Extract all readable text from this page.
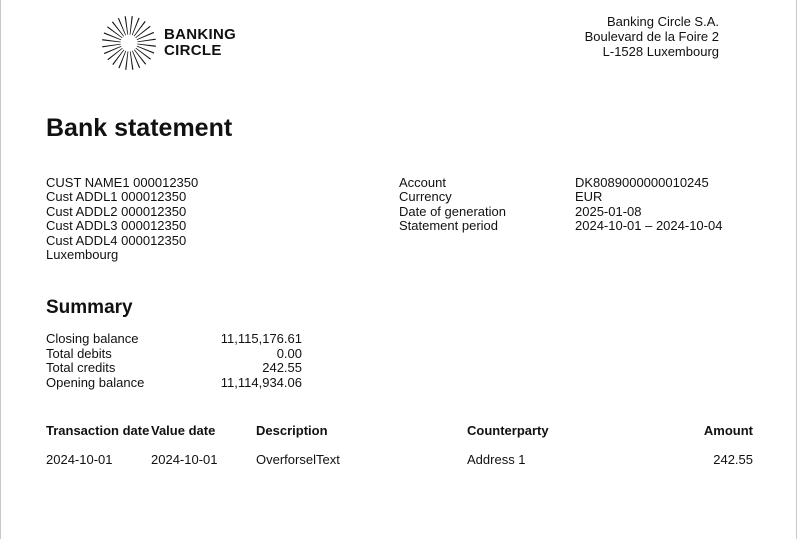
BANKING
CIRCLE
Banking Circle S.A.
Boulevard de la Foire 2
L-1528 Luxembourg
Bank statement
CUST NAME1 000012350
Cust ADDL1 000012350
Cust ADDL2 000012350
Cust ADDL3 000012350
Cust ADDL4 000012350
Luxembourg
Account	DK8089000000010245
Currency	EUR
Date of generation	2025-01-08
Statement period	2024-10-01 – 2024-10-04
Summary
Closing balance	11,115,176.61
Total debits	0.00
Total credits	242.55
Opening balance	11,114,934.06
Transaction date	Value date	Description	Counterparty	Amount
2024-10-01	2024-10-01	OverforselText	Address 1	242.55
